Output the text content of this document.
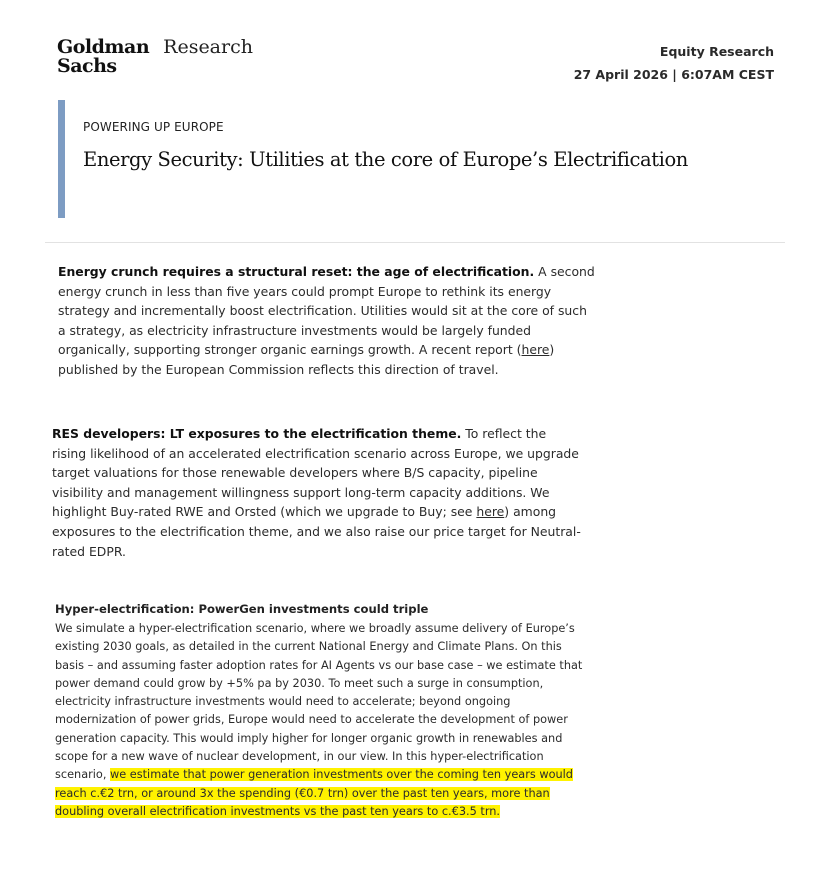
Goldman
Sachs
Research	Equity Research
27 April 2026 | 6:07AM CEST
POWERING UP EUROPE
Energy Security: Utilities at the core of Europe’s Electrification
Energy crunch requires a structural reset: the age of electrification. A second energy crunch in less than five years could prompt Europe to rethink its energy strategy and incrementally boost electrification. Utilities would sit at the core of such a strategy, as electricity infrastructure investments would be largely funded organically, supporting stronger organic earnings growth. A recent report (here) published by the European Commission reflects this direction of travel.
RES developers: LT exposures to the electrification theme. To reflect the rising likelihood of an accelerated electrification scenario across Europe, we upgrade target valuations for those renewable developers where B/S capacity, pipeline visibility and management willingness support long-term capacity additions. We highlight Buy-rated RWE and Orsted (which we upgrade to Buy; see here) among exposures to the electrification theme, and we also raise our price target for Neutral-rated EDPR.
Hyper-electrification: PowerGen investments could triple
We simulate a hyper-electrification scenario, where we broadly assume delivery of Europe’s existing 2030 goals, as detailed in the current National Energy and Climate Plans. On this basis – and assuming faster adoption rates for AI Agents vs our base case – we estimate that power demand could grow by +5% pa by 2030. To meet such a surge in consumption, electricity infrastructure investments would need to accelerate; beyond ongoing modernization of power grids, Europe would need to accelerate the development of power generation capacity. This would imply higher for longer organic growth in renewables and scope for a new wave of nuclear development, in our view. In this hyper-electrification scenario, we estimate that power generation investments over the coming ten years would reach c.€2 trn, or around 3x the spending (€0.7 trn) over the past ten years, more than doubling overall electrification investments vs the past ten years to c.€3.5 trn.
